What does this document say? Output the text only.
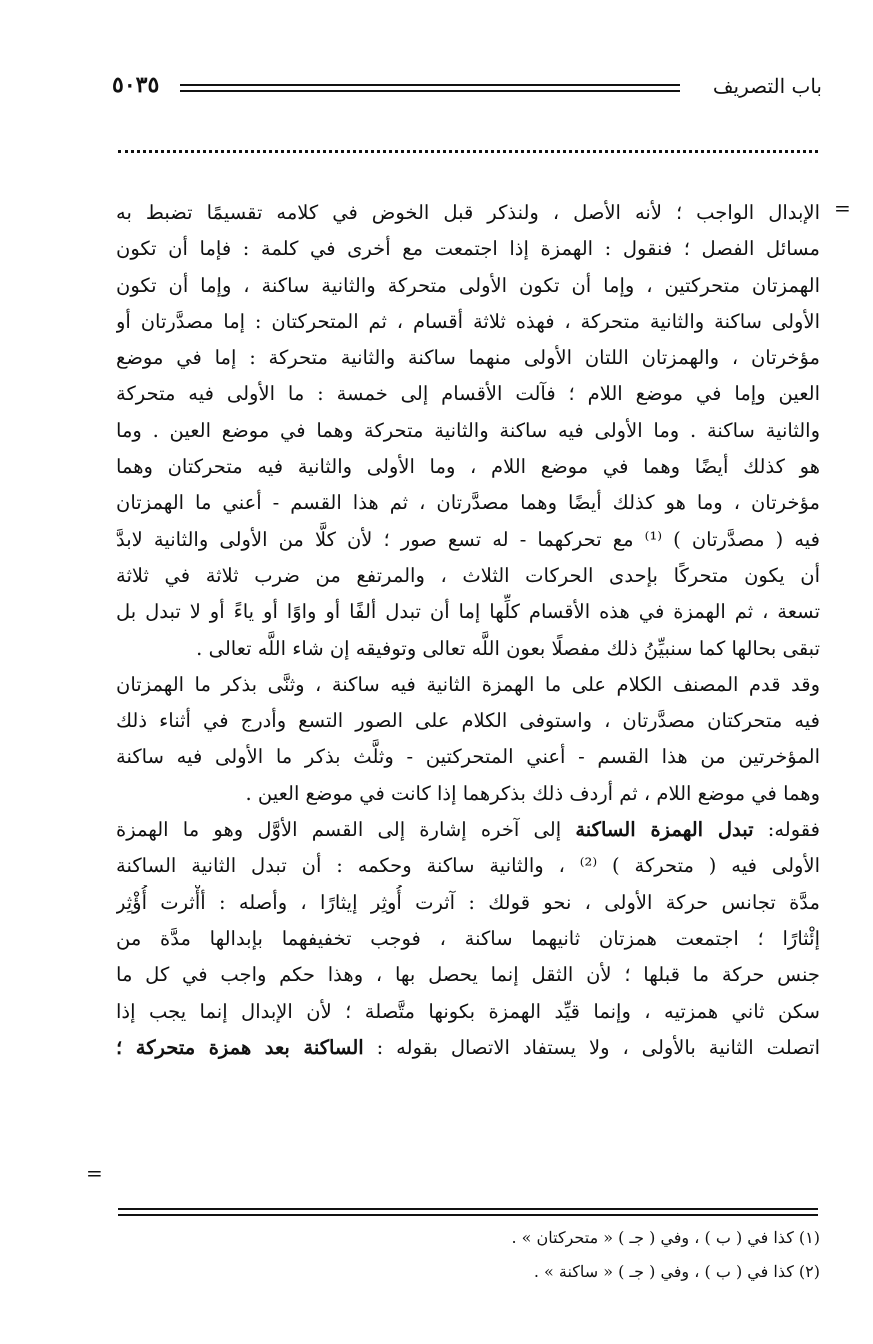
باب التصريف
٥٠٣٥
=
الإبدال الواجب ؛ لأنه الأصل ، ولنذكر قبل الخوض في كلامه تقسيمًا تضبط به
مسائل الفصل ؛ فنقول : الهمزة إذا اجتمعت مع أخرى في كلمة : فإما أن تكون
الهمزتان متحركتين ، وإما أن تكون الأولى متحركة والثانية ساكنة ، وإما أن تكون
الأولى ساكنة والثانية متحركة ، فهذه ثلاثة أقسام ، ثم المتحركتان : إما مصدَّرتان أو
مؤخرتان ، والهمزتان اللتان الأولى منهما ساكنة والثانية متحركة : إما في موضع
العين وإما في موضع اللام ؛ فآلت الأقسام إلى خمسة : ما الأولى فيه متحركة
والثانية ساكنة . وما الأولى فيه ساكنة والثانية متحركة وهما في موضع العين . وما
هو كذلك أيضًا وهما في موضع اللام ، وما الأولى والثانية فيه متحركتان وهما
مؤخرتان ، وما هو كذلك أيضًا وهما مصدَّرتان ، ثم هذا القسم - أعني ما الهمزتان
فيه ( مصدَّرتان ) ⁽¹⁾ مع تحركهما - له تسع صور ؛ لأن كلًّا من الأولى والثانية لابدَّ
أن يكون متحركًا بإحدى الحركات الثلاث ، والمرتفع من ضرب ثلاثة في ثلاثة
تسعة ، ثم الهمزة في هذه الأقسام كلِّها إما أن تبدل ألفًا أو واوًا أو ياءً أو لا تبدل بل
تبقى بحالها كما سنبيِّنُ ذلك مفصلًا بعون اللَّه تعالى وتوفيقه إن شاء اللَّه تعالى .
وقد قدم المصنف الكلام على ما الهمزة الثانية فيه ساكنة ، وثنَّى بذكر ما الهمزتان
فيه متحركتان مصدَّرتان ، واستوفى الكلام على الصور التسع وأدرج في أثناء ذلك
المؤخرتين من هذا القسم - أعني المتحركتين - وثلَّث بذكر ما الأولى فيه ساكنة
وهما في موضع اللام ، ثم أردف ذلك بذكرهما إذا كانت في موضع العين .
فقوله: تبدل الهمزة الساكنة إلى آخره إشارة إلى القسم الأوَّل وهو ما الهمزة
الأولى فيه ( متحركة ) ⁽²⁾ ، والثانية ساكنة وحكمه : أن تبدل الثانية الساكنة
مدَّة تجانس حركة الأولى ، نحو قولك : آثرت أُوثِر إيثارًا ، وأصله : أأْثرت أُؤْثِر
إئْثارًا ؛ اجتمعت همزتان ثانيهما ساكنة ، فوجب تخفيفهما بإبدالها مدَّة من
جنس حركة ما قبلها ؛ لأن الثقل إنما يحصل بها ، وهذا حكم واجب في كل ما
سكن ثاني همزتيه ، وإنما قيِّد الهمزة بكونها متَّصلة ؛ لأن الإبدال إنما يجب إذا
اتصلت الثانية بالأولى ، ولا يستفاد الاتصال بقوله : الساكنة بعد همزة متحركة ؛
=
(١) كذا في ( ب ) ، وفي ( جـ ) « متحركتان » .
(٢) كذا في ( ب ) ، وفي ( جـ ) « ساكنة » .
